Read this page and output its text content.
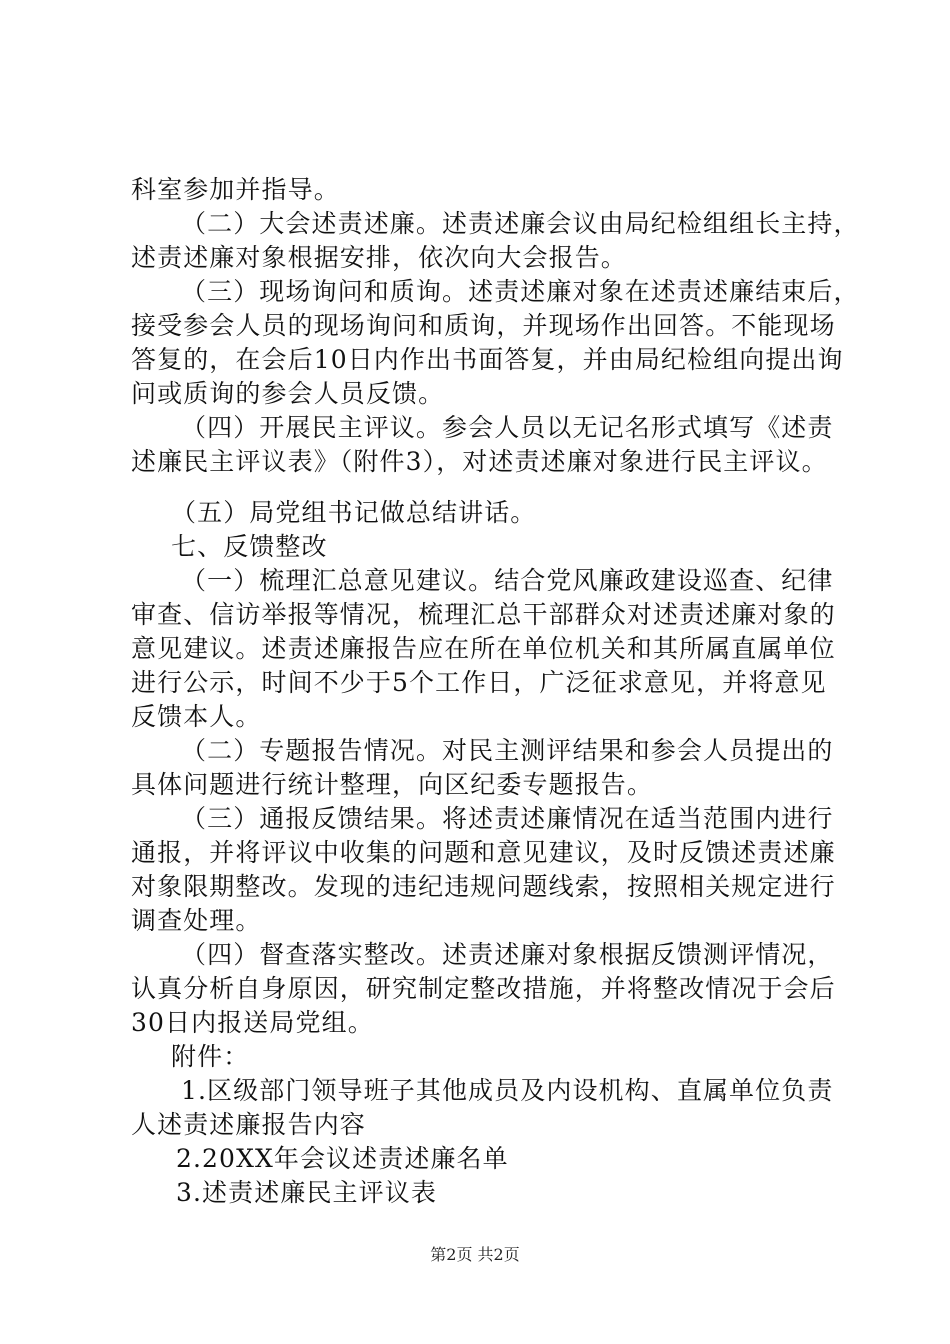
科室参加并指导。
（二）大会述责述廉。述责述廉会议由局纪检组组长主持，
述责述廉对象根据安排，依次向大会报告。
（三）现场询问和质询。述责述廉对象在述责述廉结束后，
接受参会人员的现场询问和质询，并现场作出回答。不能现场
答复的，在会后10日内作出书面答复，并由局纪检组向提出询
问或质询的参会人员反馈。
（四）开展民主评议。参会人员以无记名形式填写《述责
述廉民主评议表》（附件3），对述责述廉对象进行民主评议。
（五）局党组书记做总结讲话。
七、反馈整改
（一）梳理汇总意见建议。结合党风廉政建设巡查、纪律
审查、信访举报等情况，梳理汇总干部群众对述责述廉对象的
意见建议。述责述廉报告应在所在单位机关和其所属直属单位
进行公示，时间不少于5个工作日，广泛征求意见，并将意见
反馈本人。
（二）专题报告情况。对民主测评结果和参会人员提出的
具体问题进行统计整理，向区纪委专题报告。
（三）通报反馈结果。将述责述廉情况在适当范围内进行
通报，并将评议中收集的问题和意见建议，及时反馈述责述廉
对象限期整改。发现的违纪违规问题线索，按照相关规定进行
调查处理。
（四）督查落实整改。述责述廉对象根据反馈测评情况，
认真分析自身原因，研究制定整改措施，并将整改情况于会后
30日内报送局党组。
附件：
1.区级部门领导班子其他成员及内设机构、直属单位负责
人述责述廉报告内容
2.20XX年会议述责述廉名单
3.述责述廉民主评议表
第2页 共2页
